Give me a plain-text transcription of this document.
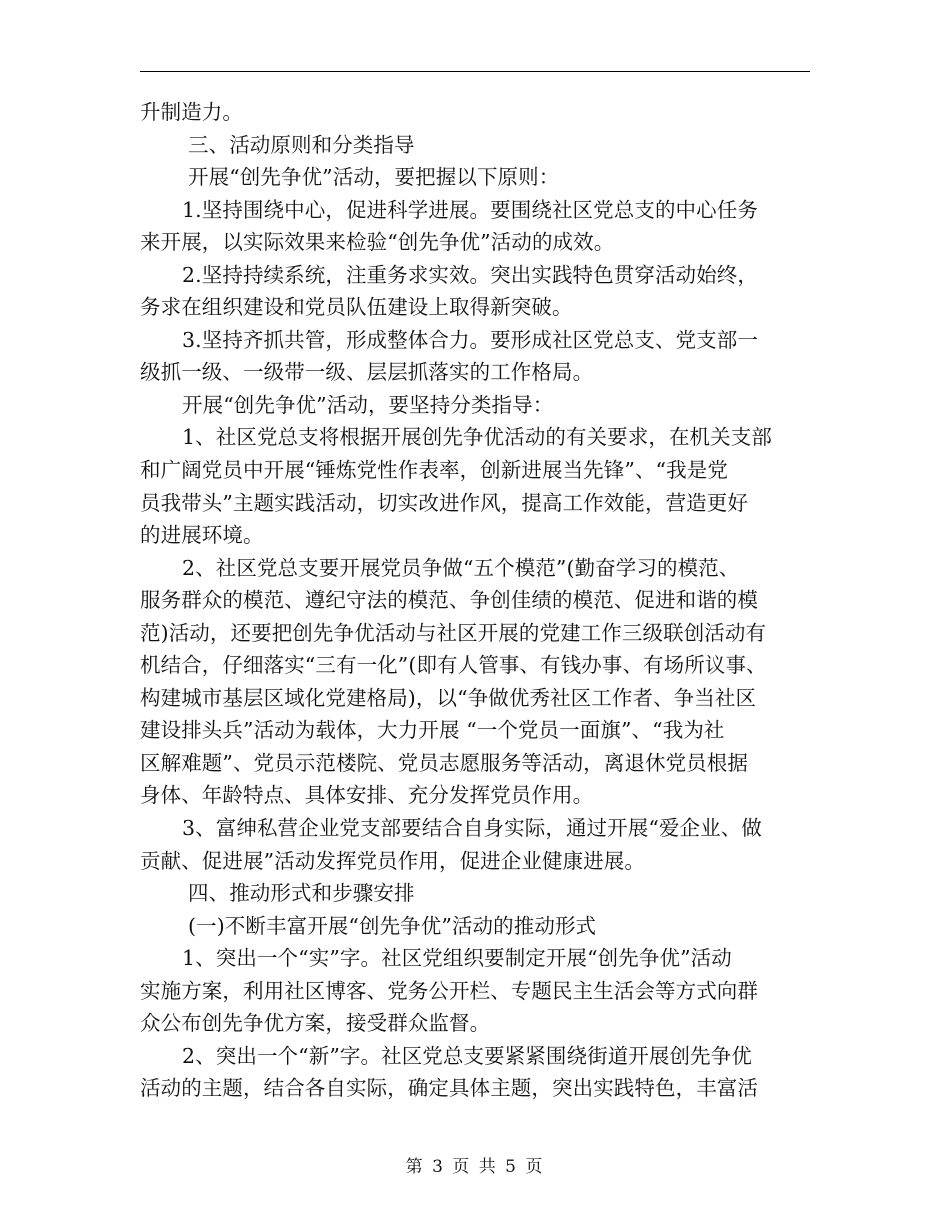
升制造力。
三、活动原则和分类指导
开展“创先争优”活动，要把握以下原则：
1.坚持围绕中心，促进科学进展。要围绕社区党总支的中心任务
来开展，以实际效果来检验“创先争优”活动的成效。
2.坚持持续系统，注重务求实效。突出实践特色贯穿活动始终，
务求在组织建设和党员队伍建设上取得新突破。
3.坚持齐抓共管，形成整体合力。要形成社区党总支、党支部一
级抓一级、一级带一级、层层抓落实的工作格局。
开展“创先争优”活动，要坚持分类指导：
1、社区党总支将根据开展创先争优活动的有关要求，在机关支部
和广阔党员中开展“锤炼党性作表率，创新进展当先锋”、“我是党
员我带头”主题实践活动，切实改进作风，提高工作效能，营造更好
的进展环境。
2、社区党总支要开展党员争做“五个模范”(勤奋学习的模范、
服务群众的模范、遵纪守法的模范、争创佳绩的模范、促进和谐的模
范)活动，还要把创先争优活动与社区开展的党建工作三级联创活动有
机结合，仔细落实“三有一化”(即有人管事、有钱办事、有场所议事、
构建城市基层区域化党建格局)，以“争做优秀社区工作者、争当社区
建设排头兵”活动为载体，大力开展 “一个党员一面旗”、“我为社
区解难题”、党员示范楼院、党员志愿服务等活动，离退休党员根据
身体、年龄特点、具体安排、充分发挥党员作用。
3、富绅私营企业党支部要结合自身实际，通过开展“爱企业、做
贡献、促进展”活动发挥党员作用，促进企业健康进展。
四、推动形式和步骤安排
(一)不断丰富开展“创先争优”活动的推动形式
1、突出一个“实”字。社区党组织要制定开展“创先争优”活动
实施方案，利用社区博客、党务公开栏、专题民主生活会等方式向群
众公布创先争优方案，接受群众监督。
2、突出一个“新”字。社区党总支要紧紧围绕街道开展创先争优
活动的主题，结合各自实际，确定具体主题，突出实践特色，丰富活
第 3 页 共 5 页
